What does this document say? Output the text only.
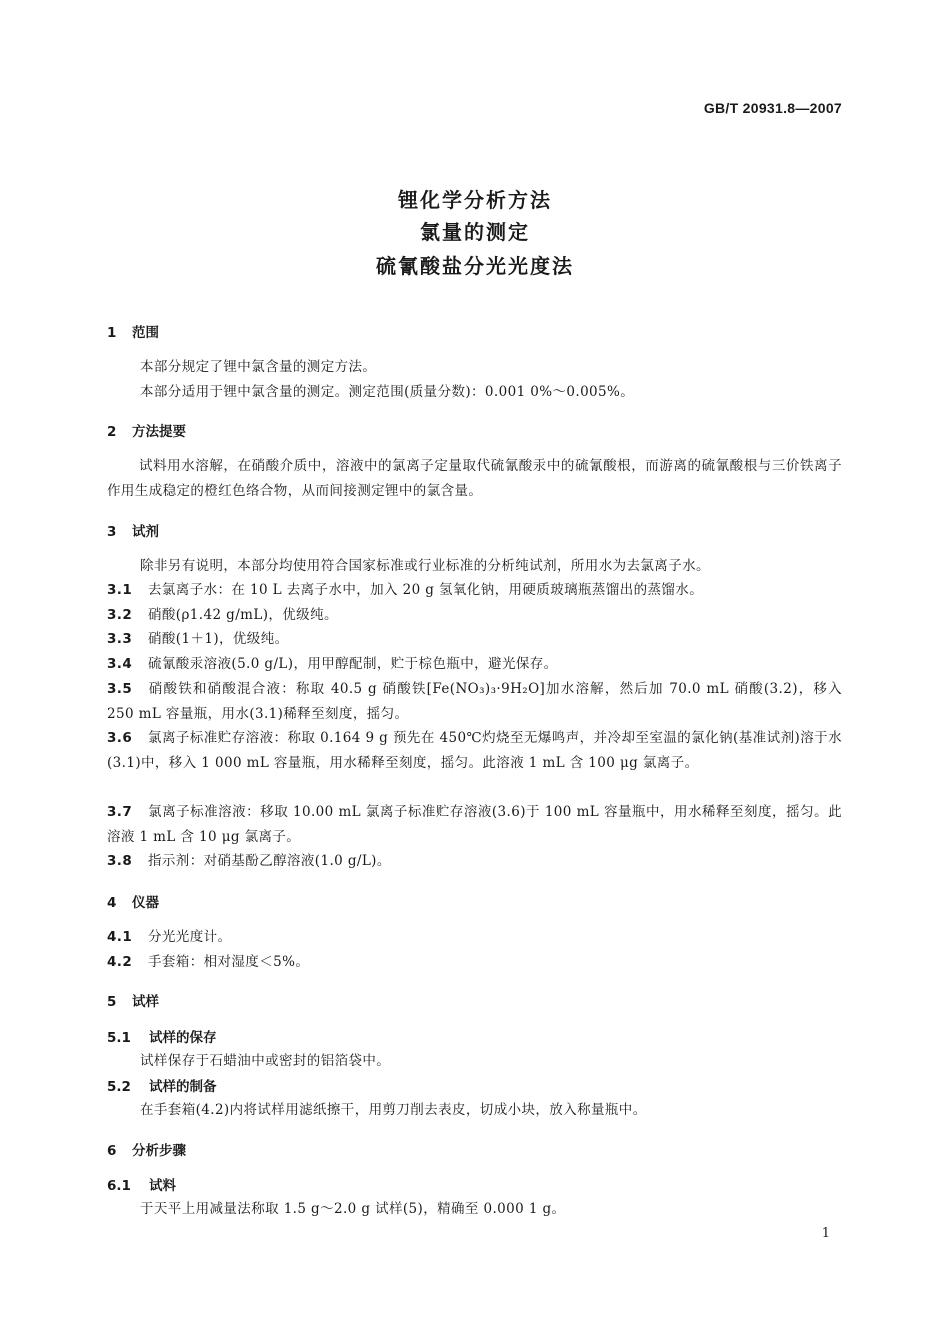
GB/T 20931.8—2007
锂化学分析方法
氯量的测定
硫氰酸盐分光光度法
1 范围
本部分规定了锂中氯含量的测定方法。
本部分适用于锂中氯含量的测定。测定范围(质量分数)：0.001 0%～0.005%。
2 方法提要
试料用水溶解，在硝酸介质中，溶液中的氯离子定量取代硫氰酸汞中的硫氰酸根，而游离的硫氰酸根与三价铁离子作用生成稳定的橙红色络合物，从而间接测定锂中的氯含量。
3 试剂
除非另有说明，本部分均使用符合国家标准或行业标准的分析纯试剂，所用水为去氯离子水。
3.1 去氯离子水：在 10 L 去离子水中，加入 20 g 氢氧化钠，用硬质玻璃瓶蒸馏出的蒸馏水。
3.2 硝酸(ρ1.42 g/mL)，优级纯。
3.3 硝酸(1＋1)，优级纯。
3.4 硫氰酸汞溶液(5.0 g/L)，用甲醇配制，贮于棕色瓶中，避光保存。
3.5 硝酸铁和硝酸混合液：称取 40.5 g 硝酸铁[Fe(NO₃)₃·9H₂O]加水溶解，然后加 70.0 mL 硝酸(3.2)，移入 250 mL 容量瓶，用水(3.1)稀释至刻度，摇匀。
3.6 氯离子标准贮存溶液：称取 0.164 9 g 预先在 450℃灼烧至无爆鸣声，并冷却至室温的氯化钠(基准试剂)溶于水(3.1)中，移入 1 000 mL 容量瓶，用水稀释至刻度，摇匀。此溶液 1 mL 含 100 μg 氯离子。
3.7 氯离子标准溶液：移取 10.00 mL 氯离子标准贮存溶液(3.6)于 100 mL 容量瓶中，用水稀释至刻度，摇匀。此溶液 1 mL 含 10 μg 氯离子。
3.8 指示剂：对硝基酚乙醇溶液(1.0 g/L)。
4 仪器
4.1 分光光度计。
4.2 手套箱：相对湿度＜5%。
5 试样
5.1 试样的保存
试样保存于石蜡油中或密封的铝箔袋中。
5.2 试样的制备
在手套箱(4.2)内将试样用滤纸擦干，用剪刀削去表皮，切成小块，放入称量瓶中。
6 分析步骤
6.1 试料
于天平上用减量法称取 1.5 g～2.0 g 试样(5)，精确至 0.000 1 g。
1
